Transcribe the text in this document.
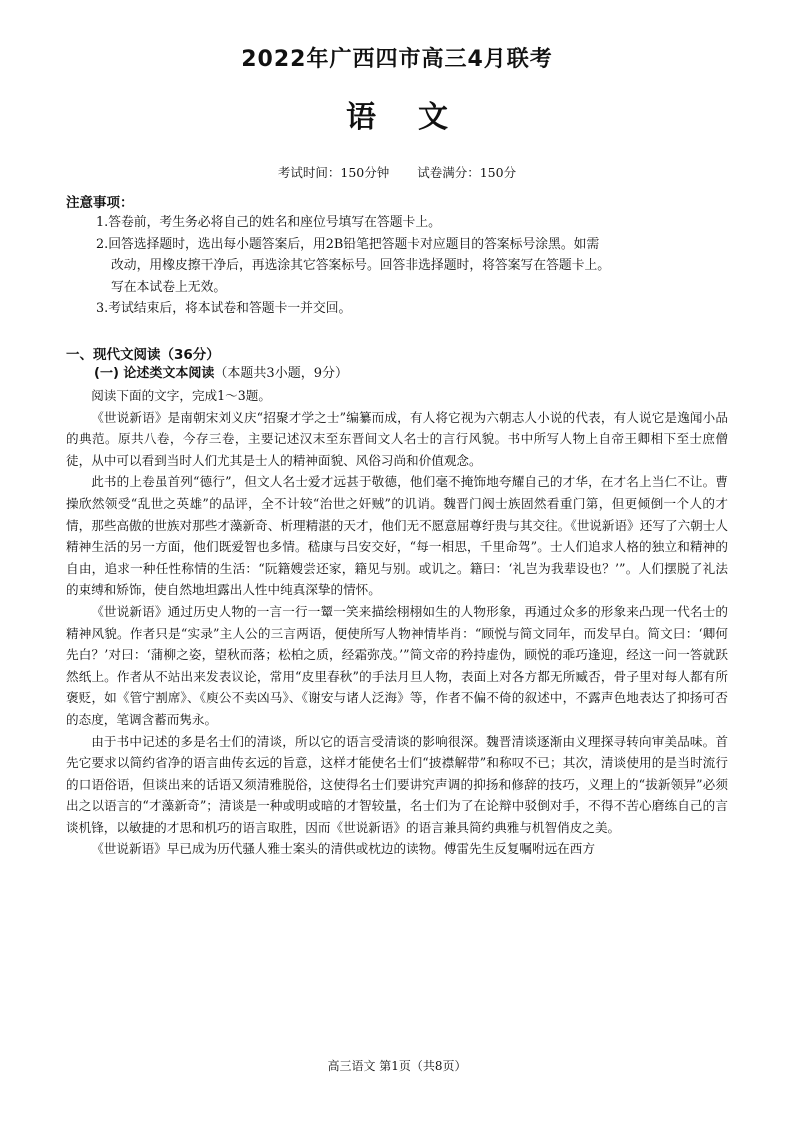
2022年广西四市高三4月联考
语文
考试时间：150分钟 试卷满分：150分
注意事项：

1.答卷前，考生务必将自己的姓名和座位号填写在答题卡上。

2.回答选择题时，选出每小题答案后，用2B铅笔把答题卡对应题目的答案标号涂黑。如需

改动，用橡皮擦干净后，再选涂其它答案标号。回答非选择题时，将答案写在答题卡上。

写在本试卷上无效。

3.考试结束后，将本试卷和答题卡一并交回。

一、现代文阅读（36分）
(一) 论述类文本阅读（本题共3小题，9分）

阅读下面的文字，完成1～3题。

《世说新语》是南朝宋刘义庆“招聚才学之士”编纂而成，有人将它视为六朝志人小说的代表，有人说它是逸闻小品的典范。原共八卷，今存三卷，主要记述汉末至东晋间文人名士的言行风貌。书中所写人物上自帝王卿相下至士庶僧徒，从中可以看到当时人们尤其是士人的精神面貌、风俗习尚和价值观念。

此书的上卷虽首列“德行”，但文人名士爱才远甚于敬德，他们毫不掩饰地夸耀自己的才华，在才名上当仁不让。曹操欣然领受“乱世之英雄”的品评，全不计较“治世之奸贼”的讥诮。魏晋门阀士族固然看重门第，但更倾倒一个人的才情，那些高傲的世族对那些才藻新奇、析理精湛的天才，他们无不愿意屈尊纡贵与其交往。《世说新语》还写了六朝士人精神生活的另一方面，他们既爱智也多情。嵇康与吕安交好，“每一相思，千里命驾”。士人们追求人格的独立和精神的自由，追求一种任性称情的生活：“阮籍嫂尝还家，籍见与别。或讥之。籍曰：‘礼岂为我辈设也？’”。人们摆脱了礼法的束缚和矫饰，使自然地坦露出人性中纯真深挚的情怀。

《世说新语》通过历史人物的一言一行一颦一笑来描绘栩栩如生的人物形象，再通过众多的形象来凸现一代名士的精神风貌。作者只是“实录”主人公的三言两语，便使所写人物神情毕肖：“顾悦与简文同年，而发早白。简文曰：‘卿何先白？’对曰：‘蒲柳之姿，望秋而落；松柏之质，经霜弥茂。’”简文帝的矜持虚伪，顾悦的乖巧逢迎，经这一问一答就跃然纸上。作者从不站出来发表议论，常用“皮里春秋”的手法月旦人物，表面上对各方都无所臧否，骨子里对每人都有所褒贬，如《管宁割席》、《庾公不卖凶马》、《谢安与诸人泛海》等，作者不偏不倚的叙述中，不露声色地表达了抑扬可否的态度，笔调含蓄而隽永。

由于书中记述的多是名士们的清谈，所以它的语言受清谈的影响很深。魏晋清谈逐渐由义理探寻转向审美品味。首先它要求以简约省净的语言曲传玄远的旨意，这样才能使名士们“披襟解带”和称叹不已；其次，清谈使用的是当时流行的口语俗语，但谈出来的话语又须清雅脱俗，这使得名士们要讲究声调的抑扬和修辞的技巧，义理上的“拔新领异”必须出之以语言的“才藻新奇”；清谈是一种或明或暗的才智较量，名士们为了在论辩中驳倒对手，不得不苦心磨练自己的言谈机锋，以敏捷的才思和机巧的语言取胜，因而《世说新语》的语言兼具简约典雅与机智俏皮之美。

《世说新语》早已成为历代骚人雅士案头的清供或枕边的读物。傅雷先生反复嘱咐远在西方

高三语文 第1页（共8页）
